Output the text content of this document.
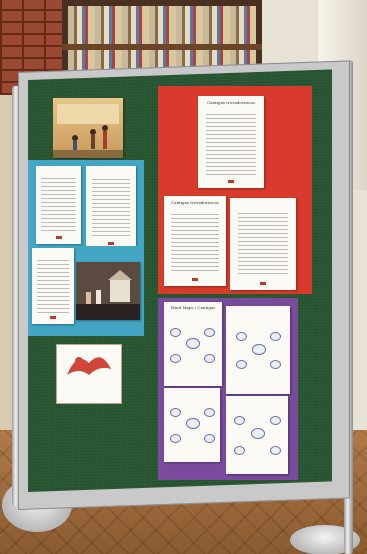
Cantigas trovadorescas
Cantigas trovadorescas
Mind Maps / Cantigas
